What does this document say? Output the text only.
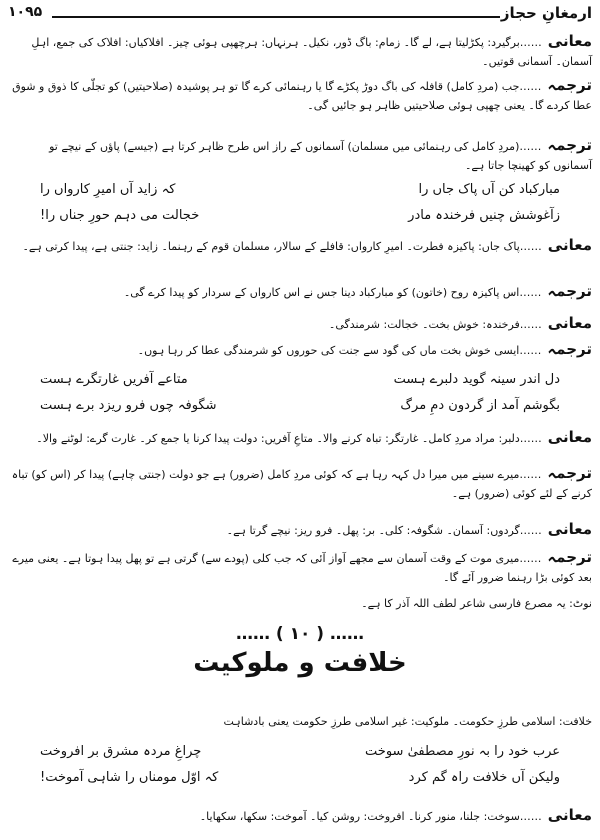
ارمغانِ حجاز
۱۰۹۵
معانی……برگیرد: پکڑلیتا ہے، لے گا۔ زمام: باگ ڈور، نکیل۔ ہرنہاں: ہرچھپی ہوئی چیز۔ افلاکیاں: افلاک کی جمع، اہلِ آسمان۔ آسمانی قوتیں۔
ترجمہ……جب (مردِ کامل) قافلہ کی باگ دوڑ پکڑے گا یا رہنمائی کرے گا تو ہر پوشیدہ (صلاحیتیں) کو تجلّی کا ذوق و شوق عطا کردے گا۔ یعنی چھپی ہوئی صلاحیتیں ظاہر ہو جائیں گی۔
ترجمہ……(مردِ کامل کی رہنمائی میں مسلمان) آسمانوں کے راز اس طرح ظاہر کرتا ہے (جیسے) پاؤں کے نیچے تو آسمانوں کو کھینچا جاتا ہے۔
مبارکباد کن آں پاک جاں را
کہ زاید آں امیرِ کارواں را
زآغوشش چنیں فرخندہ مادر
خجالت می دہم حورِ جناں را!
معانی……پاک جاں: پاکیزہ فطرت۔ امیرِ کارواں: قافلے کے سالار، مسلمان قوم کے رہنما۔ زاید: جنتی ہے، پیدا کرتی ہے۔
ترجمہ……اس پاکیزہ روح (خاتون) کو مبارکباد دینا جس نے اس کارواں کے سردار کو پیدا کرے گی۔
معانی……فرخندہ: خوش بخت۔ خجالت: شرمندگی۔
ترجمہ……ایسی خوش بخت ماں کی گود سے جنت کی حوروں کو شرمندگی عطا کر رہا ہوں۔
دل اندر سینہ گوید دلبرے ہست
متاعے آفریں غارتگرے ہست
بگوشم آمد از گردون دمِ مرگ
شگوفہ چوں فرو ریزد برے ہست
معانی……دلبر: مراد مردِ کامل۔ غارتگر: تباہ کرنے والا۔ متاعِ آفریں: دولت پیدا کرنا یا جمع کر۔ غارت گرے: لوٹنے والا۔
ترجمہ……میرے سینے میں میرا دل کہہ رہا ہے کہ کوئی مردِ کامل (ضرور) ہے جو دولت (جنتی چاہے) پیدا کر (اس کو) تباہ کرنے کے لئے کوئی (ضرور) ہے۔
معانی……گردوں: آسمان۔ شگوفہ: کلی۔ بر: پھل۔ فرو ریز: نیچے گرتا ہے۔
ترجمہ……میری موت کے وقت آسمان سے مجھے آواز آئی کہ جب کلی (پودے سے) گرتی ہے تو پھل پیدا ہوتا ہے۔ یعنی میرے بعد کوئی بڑا رہنما ضرور آئے گا۔
نوٹ: یہ مصرع فارسی شاعر لطف اللہ آذر کا ہے۔
…… ( ۱۰ ) ……
خلافت و ملوکیت
خلافت: اسلامی طرزِ حکومت۔ ملوکیت: غیر اسلامی طرزِ حکومت یعنی بادشاہت
عرب خود را بہ نورِ مصطفیٰ سوخت
چراغِ مردہ مشرق بر افروخت
ولیکن آں خلافت راہ گم کرد
کہ اوّل مومناں را شاہی آموخت!
معانی……سوخت: جلنا، منور کرنا۔ افروخت: روشن کیا۔ آموخت: سکھا، سکھایا۔
